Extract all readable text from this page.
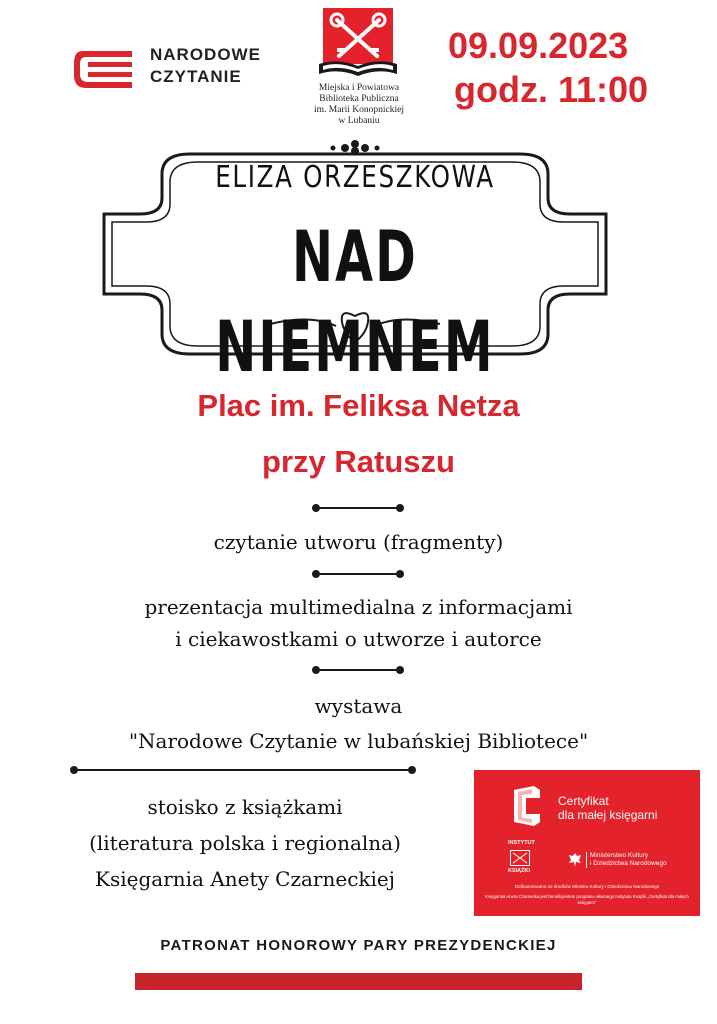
NARODOWE
CZYTANIE
Miejska i Powiatowa
Biblioteka Publiczna
im. Marii Konopnickiej
w Lubaniu
09.09.2023
godz. 11:00
ELIZA ORZESZKOWA
NAD NIEMNEM
Plac im. Feliksa Netza
przy Ratuszu
czytanie utworu (fragmenty)
prezentacja multimedialna z informacjami
i ciekawostkami o utworze i autorce
wystawa
"Narodowe Czytanie w lubańskiej Bibliotece"
stoisko z książkami
(literatura polska i regionalna)
Księgarnia Anety Czarneckiej
Certyfikat
dla małej księgarni
INSTYTUT
KSIĄŻKI
Ministerstwo Kultury
i Dziedzictwa Narodowego
Dofinansowano ze środków Ministra Kultury i Dziedzictwa Narodowego
Księgarnia Aneta Czarnecka jest beneficjentem programu własnego Instytutu Książki „Certyfikat dla małych księgarni”
PATRONAT HONOROWY PARY PREZYDENCKIEJ
